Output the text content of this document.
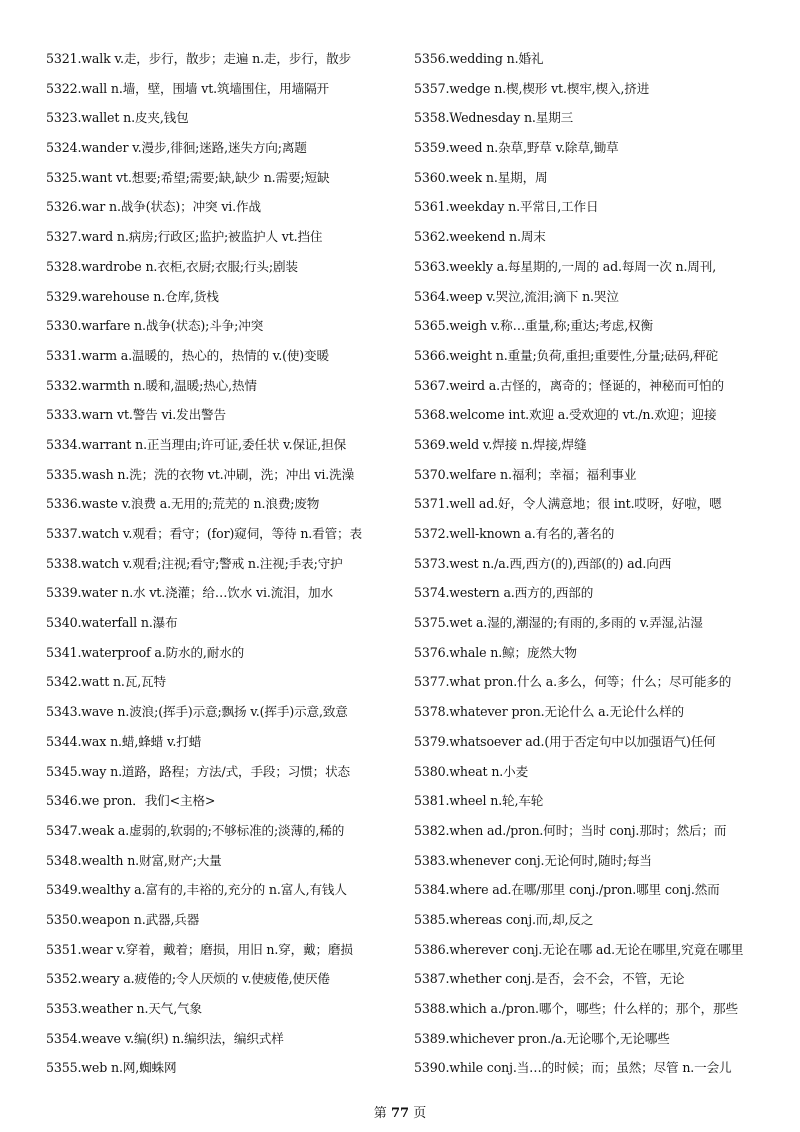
5321.walk v.走，步行，散步；走遍 n.走，步行，散步
5322.wall n.墙，壁，围墙 vt.筑墙围住，用墙隔开
5323.wallet n.皮夹,钱包
5324.wander v.漫步,徘徊;迷路,迷失方向;离题
5325.want vt.想要;希望;需要;缺,缺少 n.需要;短缺
5326.war n.战争(状态)；冲突 vi.作战
5327.ward n.病房;行政区;监护;被监护人 vt.挡住
5328.wardrobe n.衣柜,衣厨;衣服;行头;剧装
5329.warehouse n.仓库,货栈
5330.warfare n.战争(状态);斗争;冲突
5331.warm a.温暖的，热心的，热情的 v.(使)变暖
5332.warmth n.暖和,温暖;热心,热情
5333.warn vt.警告 vi.发出警告
5334.warrant n.正当理由;许可证,委任状 v.保证,担保
5335.wash n.洗；洗的衣物 vt.冲刷，洗；冲出 vi.洗澡
5336.waste v.浪费 a.无用的;荒芜的 n.浪费;废物
5337.watch v.观看；看守；(for)窥伺，等待 n.看管；表
5338.watch v.观看;注视;看守;警戒 n.注视;手表;守护
5339.water n.水 vt.浇灌；给…饮水 vi.流泪，加水
5340.waterfall n.瀑布
5341.waterproof a.防水的,耐水的
5342.watt n.瓦,瓦特
5343.wave n.波浪;(挥手)示意;飘扬 v.(挥手)示意,致意
5344.wax n.蜡,蜂蜡 v.打蜡
5345.way n.道路，路程；方法/式，手段；习惯；状态
5346.we pron．我们<主格>
5347.weak a.虚弱的,软弱的;不够标准的;淡薄的,稀的
5348.wealth n.财富,财产;大量
5349.wealthy a.富有的,丰裕的,充分的 n.富人,有钱人
5350.weapon n.武器,兵器
5351.wear v.穿着，戴着；磨损，用旧 n.穿，戴；磨损
5352.weary a.疲倦的;令人厌烦的 v.使疲倦,使厌倦
5353.weather n.天气,气象
5354.weave v.编(织) n.编织法，编织式样
5355.web n.网,蜘蛛网
5356.wedding n.婚礼
5357.wedge n.楔,楔形 vt.楔牢,楔入,挤进
5358.Wednesday n.星期三
5359.weed n.杂草,野草 v.除草,锄草
5360.week n.星期，周
5361.weekday n.平常日,工作日
5362.weekend n.周末
5363.weekly a.每星期的,一周的 ad.每周一次 n.周刊,
5364.weep v.哭泣,流泪;滴下 n.哭泣
5365.weigh v.称…重量,称;重达;考虑,权衡
5366.weight n.重量;负荷,重担;重要性,分量;砝码,秤砣
5367.weird a.古怪的，离奇的；怪诞的，神秘而可怕的
5368.welcome int.欢迎 a.受欢迎的 vt./n.欢迎；迎接
5369.weld v.焊接 n.焊接,焊缝
5370.welfare n.福利；幸福；福利事业
5371.well ad.好，令人满意地；很 int.哎呀，好啦，嗯
5372.well-known a.有名的,著名的
5373.west n./a.西,西方(的),西部(的) ad.向西
5374.western a.西方的,西部的
5375.wet a.湿的,潮湿的;有雨的,多雨的 v.弄湿,沾湿
5376.whale n.鲸；庞然大物
5377.what pron.什么 a.多么，何等；什么；尽可能多的
5378.whatever pron.无论什么 a.无论什么样的
5379.whatsoever ad.(用于否定句中以加强语气)任何
5380.wheat n.小麦
5381.wheel n.轮,车轮
5382.when ad./pron.何时；当时 conj.那时；然后；而
5383.whenever conj.无论何时,随时;每当
5384.where ad.在哪/那里 conj./pron.哪里 conj.然而
5385.whereas conj.而,却,反之
5386.wherever conj.无论在哪 ad.无论在哪里,究竟在哪里
5387.whether conj.是否，会不会，不管，无论
5388.which a./pron.哪个，哪些；什么样的；那个，那些
5389.whichever pron./a.无论哪个,无论哪些
5390.while conj.当…的时候；而；虽然；尽管 n.一会儿
第 77 页
